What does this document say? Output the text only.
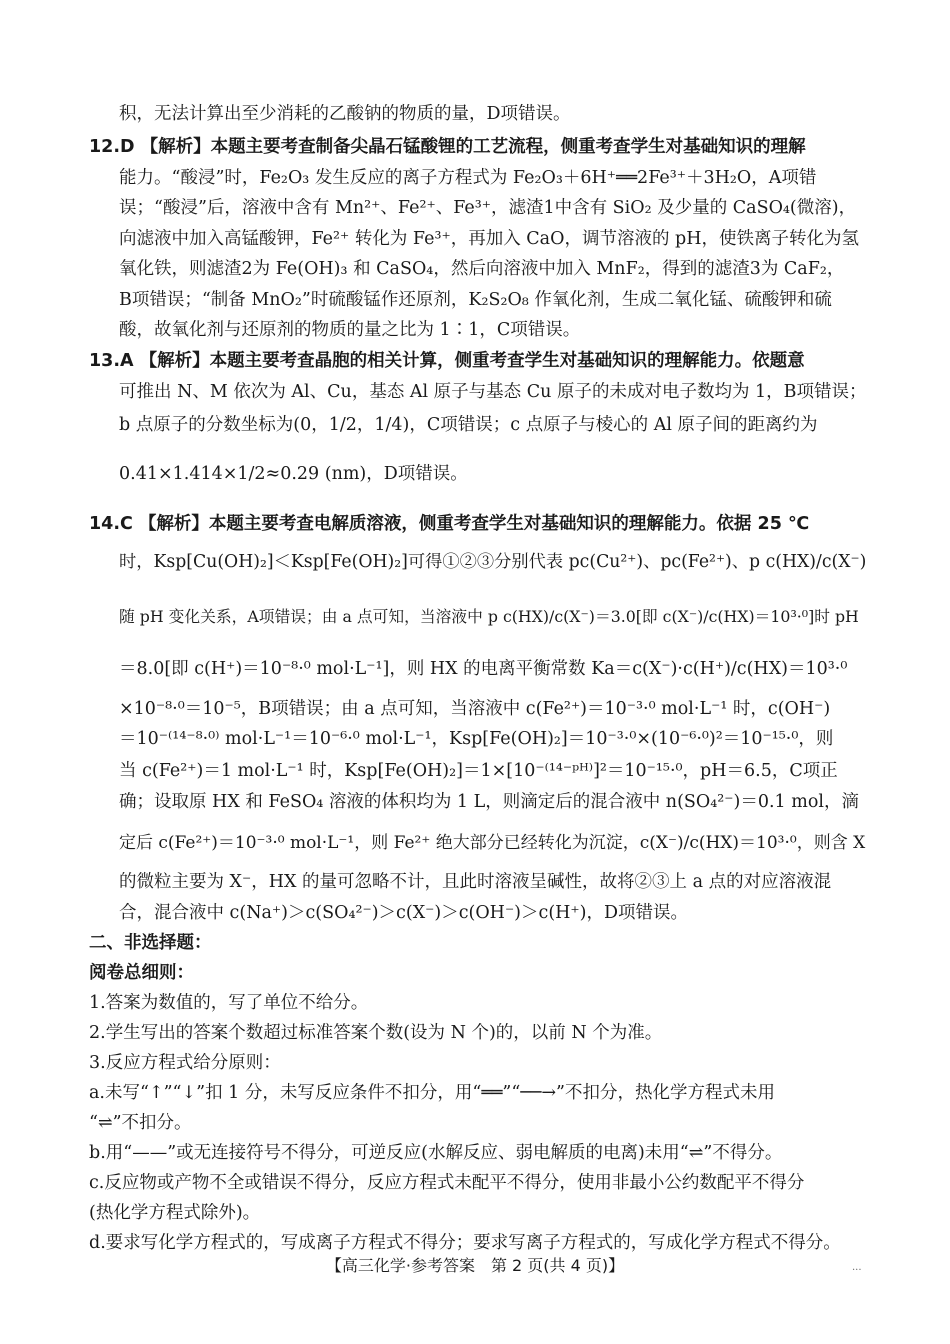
积，无法计算出至少消耗的乙酸钠的物质的量，D项错误。
12.D 【解析】本题主要考查制备尖晶石锰酸锂的工艺流程，侧重考查学生对基础知识的理解
能力。“酸浸”时，Fe₂O₃ 发生反应的离子方程式为 Fe₂O₃＋6H⁺══2Fe³⁺＋3H₂O，A项错
误；“酸浸”后，溶液中含有 Mn²⁺、Fe²⁺、Fe³⁺，滤渣1中含有 SiO₂ 及少量的 CaSO₄(微溶)，
向滤液中加入高锰酸钾，Fe²⁺ 转化为 Fe³⁺，再加入 CaO，调节溶液的 pH，使铁离子转化为氢
氧化铁，则滤渣2为 Fe(OH)₃ 和 CaSO₄，然后向溶液中加入 MnF₂，得到的滤渣3为 CaF₂，
B项错误；“制备 MnO₂”时硫酸锰作还原剂，K₂S₂O₈ 作氧化剂，生成二氧化锰、硫酸钾和硫
酸，故氧化剂与还原剂的物质的量之比为 1∶1，C项错误。
13.A 【解析】本题主要考查晶胞的相关计算，侧重考查学生对基础知识的理解能力。依题意
可推出 N、M 依次为 Al、Cu，基态 Al 原子与基态 Cu 原子的未成对电子数均为 1，B项错误；
b 点原子的分数坐标为(0，1/2，1/4)，C项错误；c 点原子与棱心的 Al 原子间的距离约为
0.41×1.414×1/2≈0.29 (nm)，D项错误。
14.C 【解析】本题主要考查电解质溶液，侧重考查学生对基础知识的理解能力。依据 25 ℃
时，Ksp[Cu(OH)₂]＜Ksp[Fe(OH)₂]可得①②③分别代表 pc(Cu²⁺)、pc(Fe²⁺)、p c(HX)/c(X⁻)
随 pH 变化关系，A项错误；由 a 点可知，当溶液中 p c(HX)/c(X⁻)＝3.0[即 c(X⁻)/c(HX)＝10³·⁰]时 pH
＝8.0[即 c(H⁺)＝10⁻⁸·⁰ mol·L⁻¹]，则 HX 的电离平衡常数 Ka＝c(X⁻)·c(H⁺)/c(HX)＝10³·⁰
×10⁻⁸·⁰＝10⁻⁵，B项错误；由 a 点可知，当溶液中 c(Fe²⁺)＝10⁻³·⁰ mol·L⁻¹ 时，c(OH⁻)
＝10⁻⁽¹⁴⁻⁸·⁰⁾ mol·L⁻¹＝10⁻⁶·⁰ mol·L⁻¹，Ksp[Fe(OH)₂]＝10⁻³·⁰×(10⁻⁶·⁰)²＝10⁻¹⁵·⁰，则
当 c(Fe²⁺)＝1 mol·L⁻¹ 时，Ksp[Fe(OH)₂]＝1×[10⁻⁽¹⁴⁻ᵖᴴ⁾]²＝10⁻¹⁵·⁰，pH＝6.5，C项正
确；设取原 HX 和 FeSO₄ 溶液的体积均为 1 L，则滴定后的混合液中 n(SO₄²⁻)＝0.1 mol，滴
定后 c(Fe²⁺)＝10⁻³·⁰ mol·L⁻¹，则 Fe²⁺ 绝大部分已经转化为沉淀，c(X⁻)/c(HX)＝10³·⁰，则含 X
的微粒主要为 X⁻，HX 的量可忽略不计，且此时溶液呈碱性，故将②③上 a 点的对应溶液混
合，混合液中 c(Na⁺)＞c(SO₄²⁻)＞c(X⁻)＞c(OH⁻)＞c(H⁺)，D项错误。
二、非选择题：
阅卷总细则：
1.答案为数值的，写了单位不给分。
2.学生写出的答案个数超过标准答案个数(设为 N 个)的，以前 N 个为准。
3.反应方程式给分原则：
a.未写“↑”“↓”扣 1 分，未写反应条件不扣分，用“══”“──→”不扣分，热化学方程式未用
“⇌”不扣分。
b.用“——”或无连接符号不得分，可逆反应(水解反应、弱电解质的电离)未用“⇌”不得分。
c.反应物或产物不全或错误不得分，反应方程式未配平不得分，使用非最小公约数配平不得分
(热化学方程式除外)。
d.要求写化学方程式的，写成离子方程式不得分；要求写离子方程式的，写成化学方程式不得分。
【高三化学·参考答案　第 2 页(共 4 页)】	...
